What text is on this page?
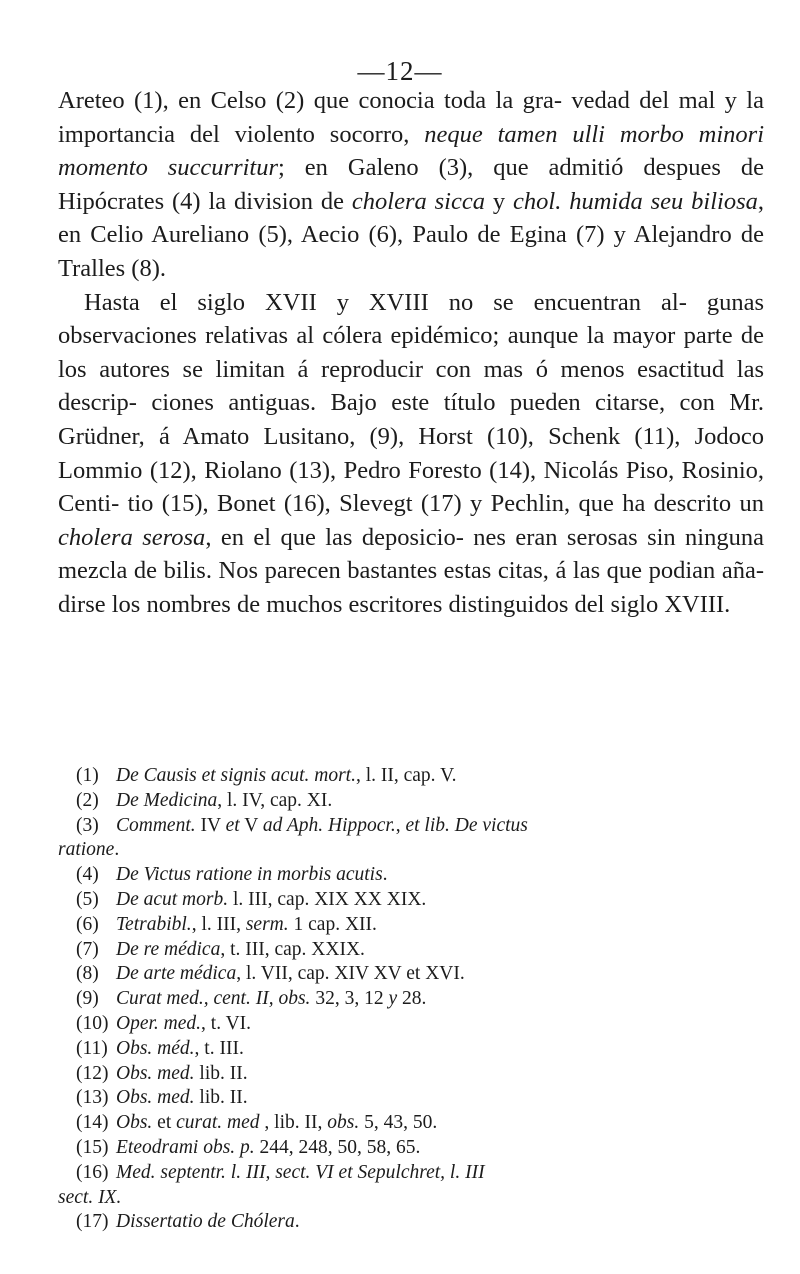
—12—

Areteo (1), en Celso (2) que conocia toda la gra- vedad del mal y la importancia del violento socorro, neque tamen ulli morbo minori momento succurritur; en Galeno (3), que admitió despues de Hipócrates (4) la division de cholera sicca y chol. humida seu biliosa, en Celio Aureliano (5), Aecio (6), Paulo de Egina (7) y Alejandro de Tralles (8).

Hasta el siglo XVII y XVIII no se encuentran al- gunas observaciones relativas al cólera epidémico; aunque la mayor parte de los autores se limitan á reproducir con mas ó menos esactitud las descrip- ciones antiguas. Bajo este título pueden citarse, con Mr. Grüdner, á Amato Lusitano, (9), Horst (10), Schenk (11), Jodoco Lommio (12), Riolano (13), Pedro Foresto (14), Nicolás Piso, Rosinio, Centi- tio (15), Bonet (16), Slevegt (17) y Pechlin, que ha descrito un cholera serosa, en el que las deposicio- nes eran serosas sin ninguna mezcla de bilis. Nos parecen bastantes estas citas, á las que podian aña- dirse los nombres de muchos escritores distinguidos del siglo XVIII.

(1) De Causis et signis acut. mort., l. II, cap. V.
(2) De Medicina, l. IV, cap. XI.
(3) Comment. IV et V ad Aph. Hippocr., et lib. De victus
ratione.
(4) De Victus ratione in morbis acutis.
(5) De acut morb. l. III, cap. XIX XX XIX.
(6) Tetrabibl., l. III, serm. 1 cap. XII.
(7) De re médica, t. III, cap. XXIX.
(8) De arte médica, l. VII, cap. XIV XV et XVI.
(9) Curat med., cent. II, obs. 32, 3, 12 y 28.
(10) Oper. med., t. VI.
(11) Obs. méd., t. III.
(12) Obs. med. lib. II.
(13) Obs. med. lib. II.
(14) Obs. et curat. med , lib. II, obs. 5, 43, 50.
(15) Eteodrami obs. p. 244, 248, 50, 58, 65.
(16) Med. septentr. l. III, sect. VI et Sepulchret, l. III
sect. IX.
(17) Dissertatio de Chólera.
